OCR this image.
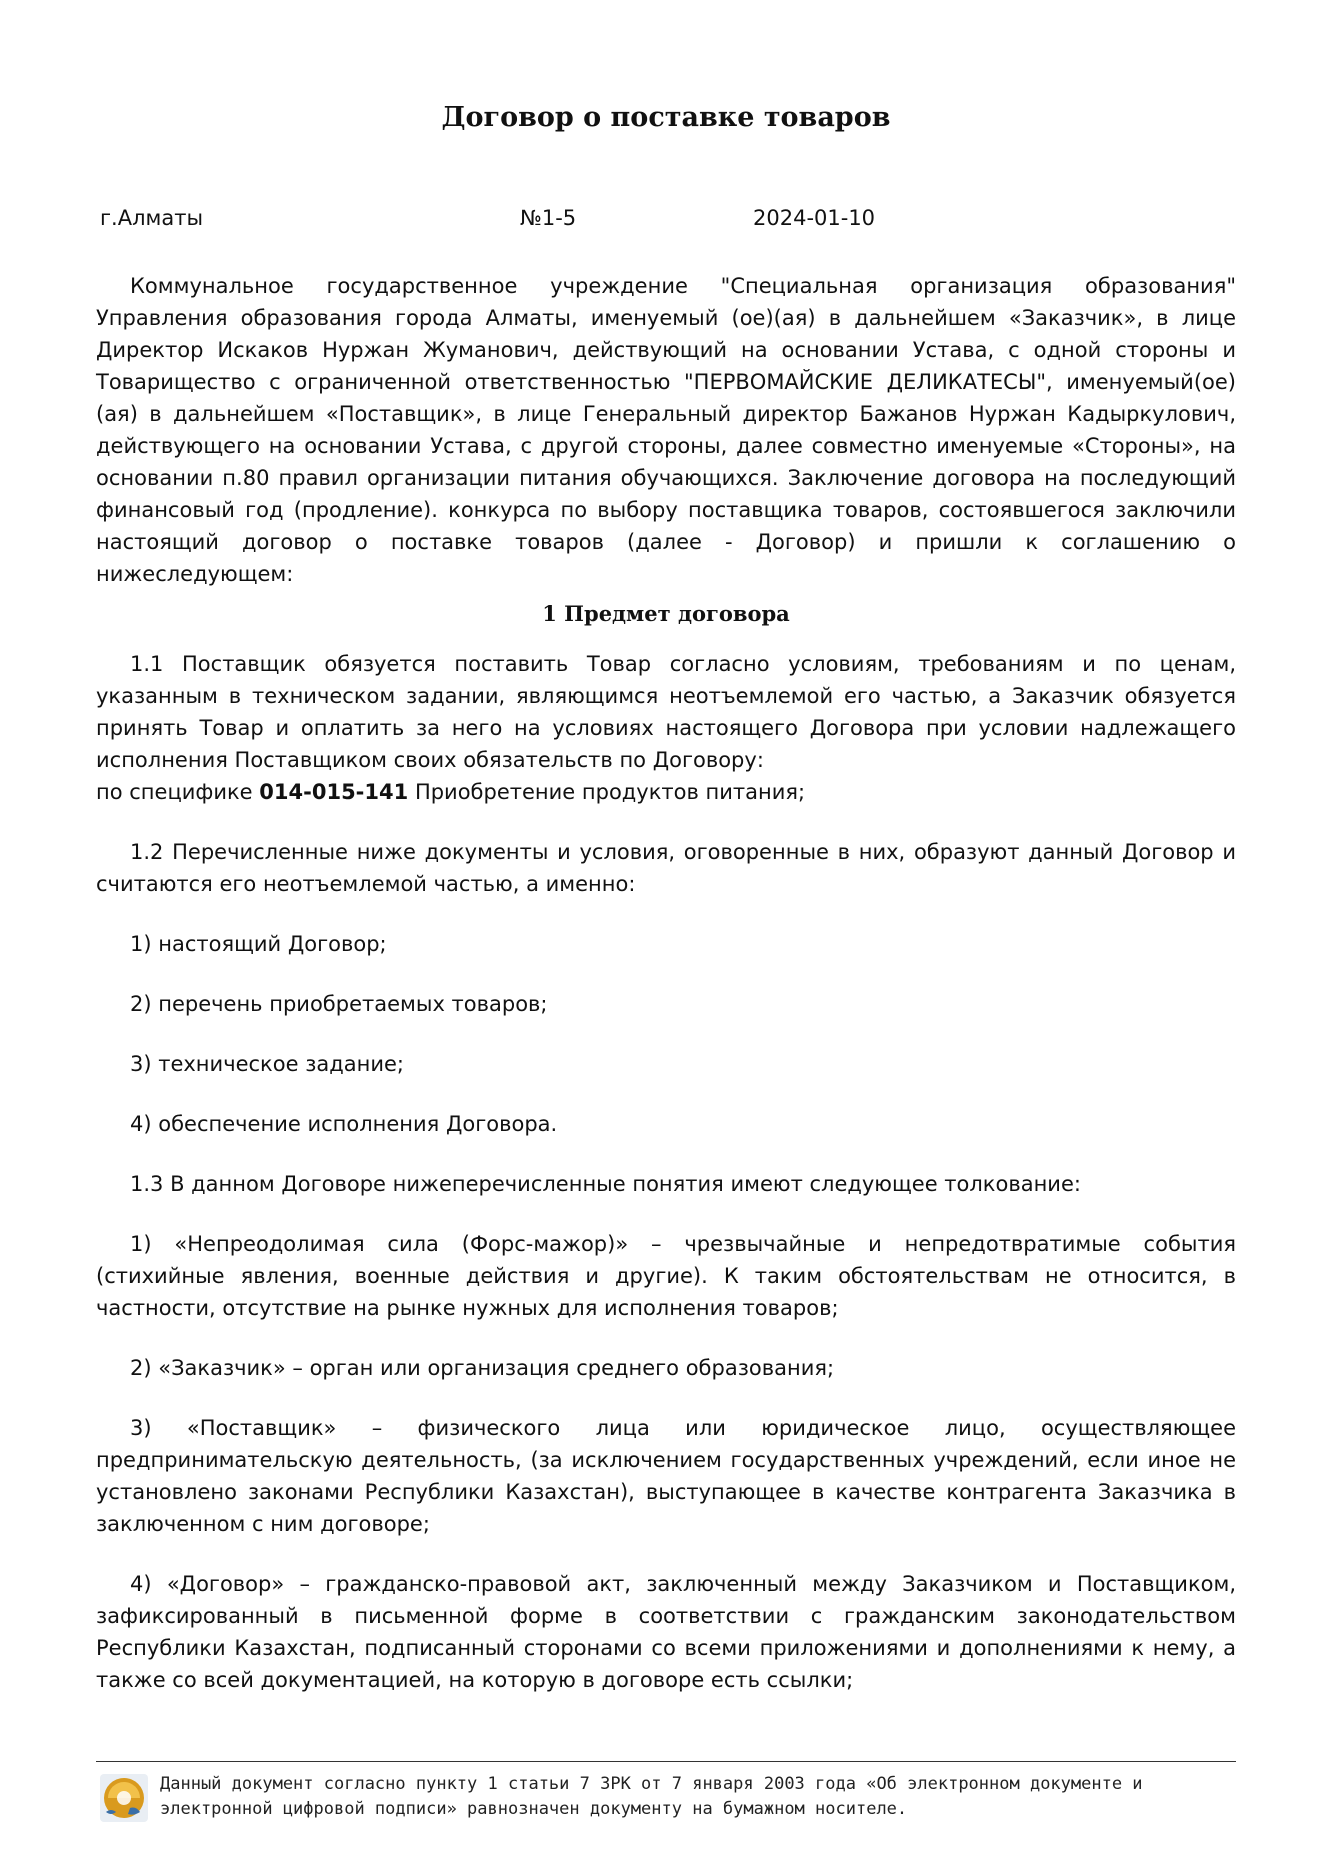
Договор о поставке товаров
г.Алматы	№1-5	2024-01-10

Коммунальное государственное учреждение "Специальная организация образования" Управления образования города Алматы, именуемый (ое)(ая) в дальнейшем «Заказчик», в лице Директор Искаков Нуржан Жуманович, действующий на основании Устава, с одной стороны и Товарищество с ограниченной ответственностью "ПЕРВОМАЙСКИЕ ДЕЛИКАТЕСЫ", именуемый(ое)(ая) в дальнейшем «Поставщик», в лице Генеральный директор Бажанов Нуржан Кадыркулович, действующего на основании Устава, с другой стороны, далее совместно именуемые «Стороны», на основании п.80 правил организации питания обучающихся. Заключение договора на последующий финансовый год (продление). конкурса по выбору поставщика товаров, состоявшегося заключили настоящий договор о поставке товаров (далее - Договор) и пришли к соглашению о нижеследующем:

1 Предмет договора

1.1 Поставщик обязуется поставить Товар согласно условиям, требованиям и по ценам, указанным в техническом задании, являющимся неотъемлемой его частью, а Заказчик обязуется принять Товар и оплатить за него на условиях настоящего Договора при условии надлежащего исполнения Поставщиком своих обязательств по Договору:

по специфике 014-015-141 Приобретение продуктов питания;

1.2 Перечисленные ниже документы и условия, оговоренные в них, образуют данный Договор и считаются его неотъемлемой частью, а именно:

1) настоящий Договор;

2) перечень приобретаемых товаров;

3) техническое задание;

4) обеспечение исполнения Договора.

1.3 В данном Договоре нижеперечисленные понятия имеют следующее толкование:

1) «Непреодолимая сила (Форс-мажор)» – чрезвычайные и непредотвратимые события (стихийные явления, военные действия и другие). К таким обстоятельствам не относится, в частности, отсутствие на рынке нужных для исполнения товаров;

2) «Заказчик» – орган или организация среднего образования;

3) «Поставщик» – физического лица или юридическое лицо, осуществляющее предпринимательскую деятельность, (за исключением государственных учреждений, если иное не установлено законами Республики Казахстан), выступающее в качестве контрагента Заказчика в заключенном с ним договоре;

4) «Договор» – гражданско-правовой акт, заключенный между Заказчиком и Поставщиком, зафиксированный в письменной форме в соответствии с гражданским законодательством Республики Казахстан, подписанный сторонами со всеми приложениями и дополнениями к нему, а также со всей документацией, на которую в договоре есть ссылки;

Данный документ согласно пункту 1 статьи 7 ЗРК от 7 января 2003 года «Об электронном документе и
электронной цифровой подписи» равнозначен документу на бумажном носителе.
